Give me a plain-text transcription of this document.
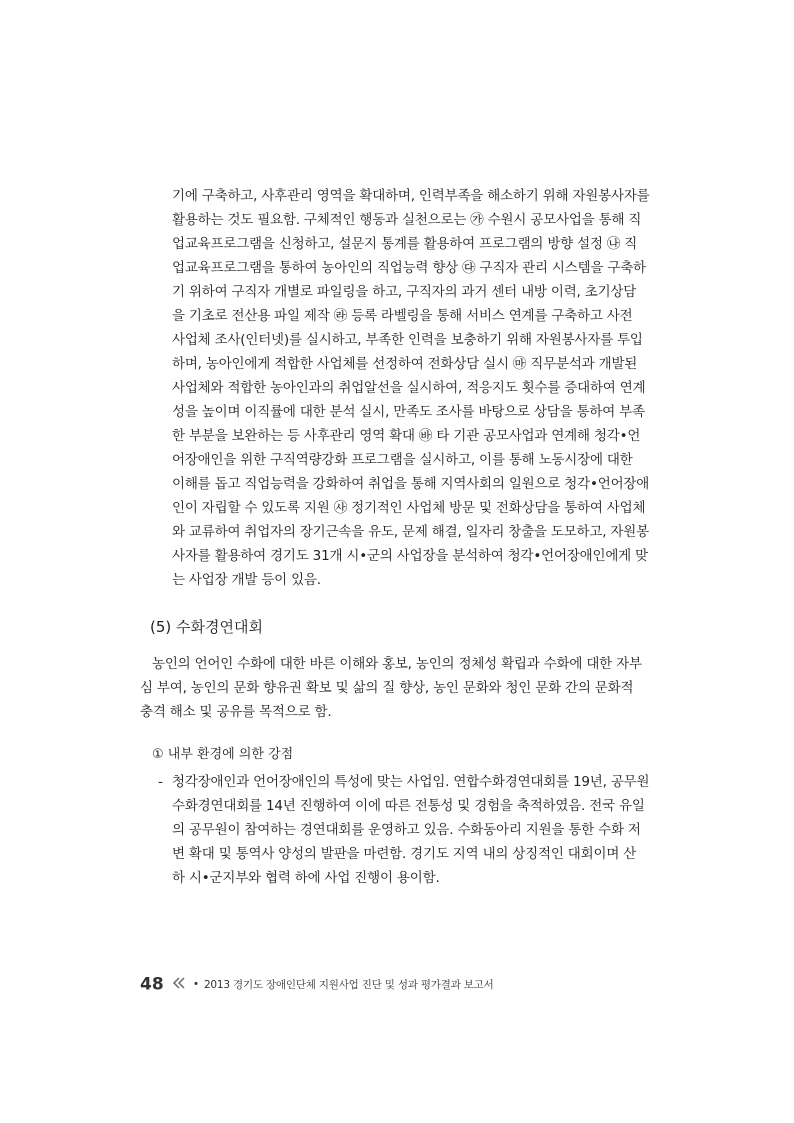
기에 구축하고, 사후관리 영역을 확대하며, 인력부족을 해소하기 위해 자원봉사자를
활용하는 것도 필요함. 구체적인 행동과 실천으로는 ㉮ 수원시 공모사업을 통해 직
업교육프로그램을 신청하고, 설문지 통계를 활용하여 프로그램의 방향 설정 ㉯ 직
업교육프로그램을 통하여 농아인의 직업능력 향상 ㉰ 구직자 관리 시스템을 구축하
기 위하여 구직자 개별로 파일링을 하고, 구직자의 과거 센터 내방 이력, 초기상담
을 기초로 전산용 파일 제작 ㉱ 등록 라벨링을 통해 서비스 연계를 구축하고 사전
사업체 조사(인터넷)를 실시하고, 부족한 인력을 보충하기 위해 자원봉사자를 투입
하며, 농아인에게 적합한 사업체를 선정하여 전화상담 실시 ㉲ 직무분석과 개발된
사업체와 적합한 농아인과의 취업알선을 실시하여, 적응지도 횟수를 증대하여 연계
성을 높이며 이직률에 대한 분석 실시, 만족도 조사를 바탕으로 상담을 통하여 부족
한 부분을 보완하는 등 사후관리 영역 확대 ㉳ 타 기관 공모사업과 연계해 청각•언
어장애인을 위한 구직역량강화 프로그램을 실시하고, 이를 통해 노동시장에 대한
이해를 돕고 직업능력을 강화하여 취업을 통해 지역사회의 일원으로 청각•언어장애
인이 자립할 수 있도록 지원 ㉴ 정기적인 사업체 방문 및 전화상담을 통하여 사업체
와 교류하여 취업자의 장기근속을 유도, 문제 해결, 일자리 창출을 도모하고, 자원봉
사자를 활용하여 경기도 31개 시•군의 사업장을 분석하여 청각•언어장애인에게 맞
는 사업장 개발 등이 있음.
(5) 수화경연대회
농인의 언어인 수화에 대한 바른 이해와 홍보, 농인의 정체성 확립과 수화에 대한 자부
심 부여, 농인의 문화 향유권 확보 및 삶의 질 향상, 농인 문화와 청인 문화 간의 문화적
충격 해소 및 공유를 목적으로 함.
① 내부 환경에 의한 강점
- 청각장애인과 언어장애인의 특성에 맞는 사업임. 연합수화경연대회를 19년, 공무원
수화경연대회를 14년 진행하여 이에 따른 전통성 및 경험을 축적하였음. 전국 유일
의 공무원이 참여하는 경연대회를 운영하고 있음. 수화동아리 지원을 통한 수화 저
변 확대 및 통역사 양성의 발판을 마련함. 경기도 지역 내의 상징적인 대회이며 산
하 시•군지부와 협력 하에 사업 진행이 용이함.
48	• 2013 경기도 장애인단체 지원사업 진단 및 성과 평가결과 보고서
